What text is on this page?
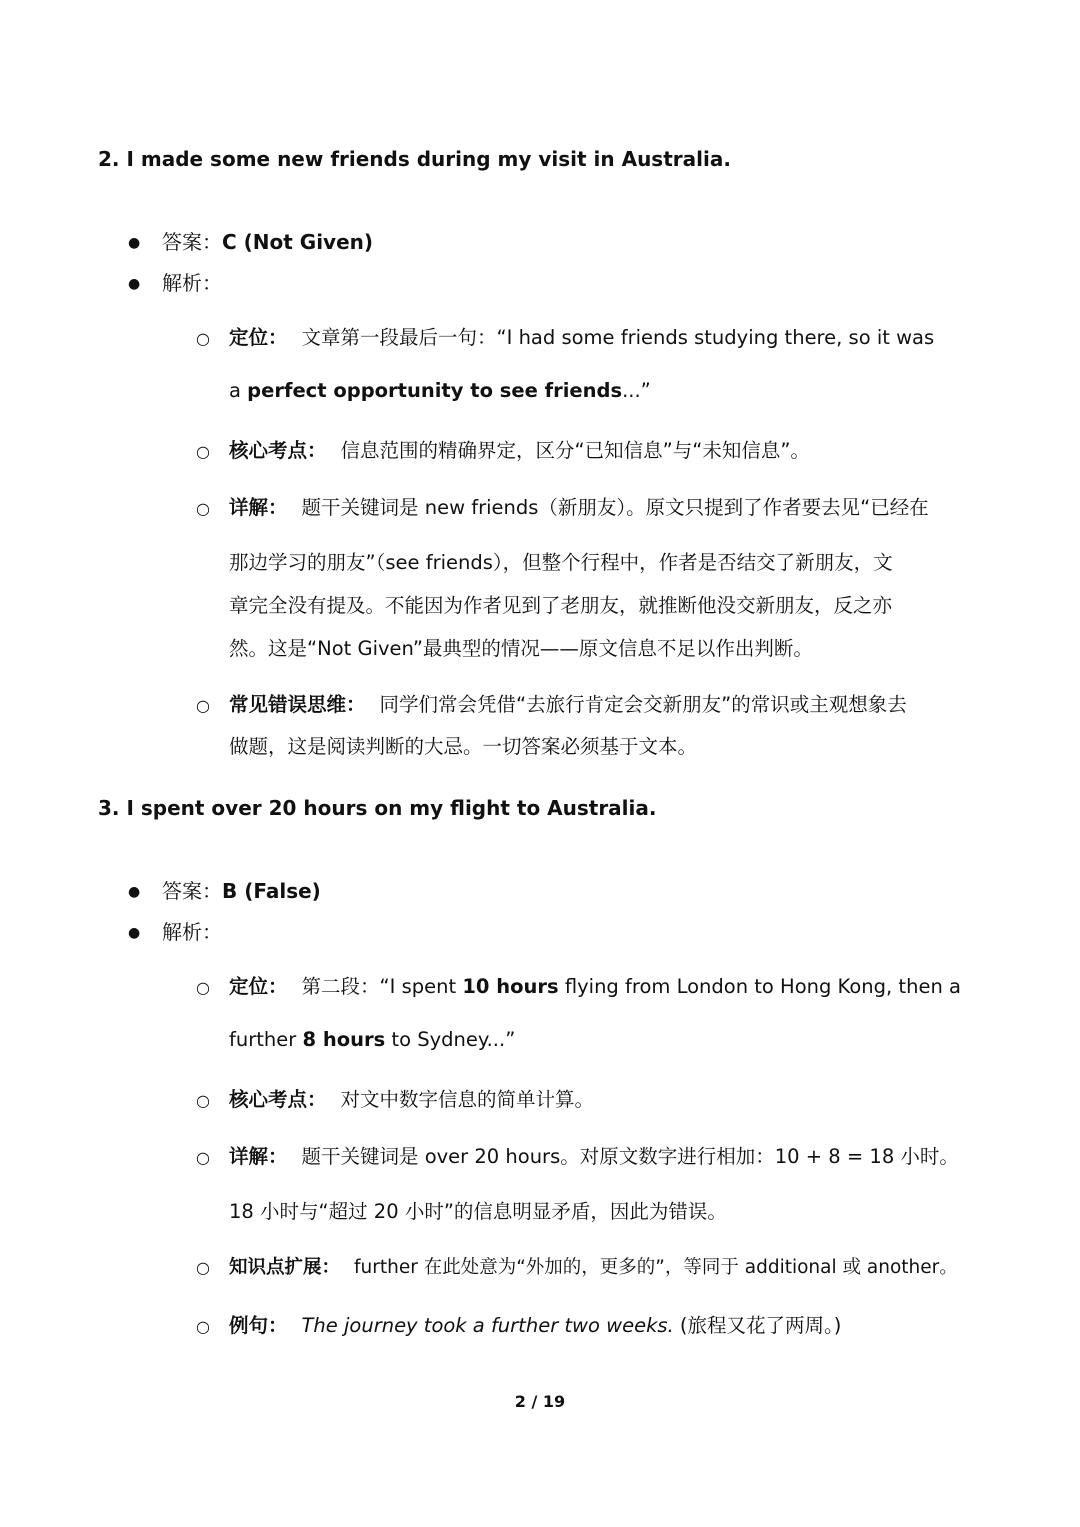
2. I made some new friends during my visit in Australia.
● 答案：C (Not Given)
● 解析：
○ 定位： 文章第一段最后一句：“I had some friends studying there, so it was
a perfect opportunity to see friends...”
○ 核心考点： 信息范围的精确界定，区分“已知信息”与“未知信息”。
○ 详解： 题干关键词是 new friends（新朋友）。原文只提到了作者要去见“已经在
那边学习的朋友”（see friends），但整个行程中，作者是否结交了新朋友，文
章完全没有提及。不能因为作者见到了老朋友，就推断他没交新朋友，反之亦
然。这是“Not Given”最典型的情况——原文信息不足以作出判断。
○ 常见错误思维： 同学们常会凭借“去旅行肯定会交新朋友”的常识或主观想象去
做题，这是阅读判断的大忌。一切答案必须基于文本。
3. I spent over 20 hours on my flight to Australia.
● 答案：B (False)
● 解析：
○ 定位： 第二段：“I spent 10 hours flying from London to Hong Kong, then a
further 8 hours to Sydney...”
○ 核心考点： 对文中数字信息的简单计算。
○ 详解： 题干关键词是 over 20 hours。对原文数字进行相加：10 + 8 = 18 小时。
18 小时与“超过 20 小时”的信息明显矛盾，因此为错误。
○ 知识点扩展： further 在此处意为“外加的，更多的”，等同于 additional 或 another。
○ 例句： The journey took a further two weeks. (旅程又花了两周。)
2 / 19
